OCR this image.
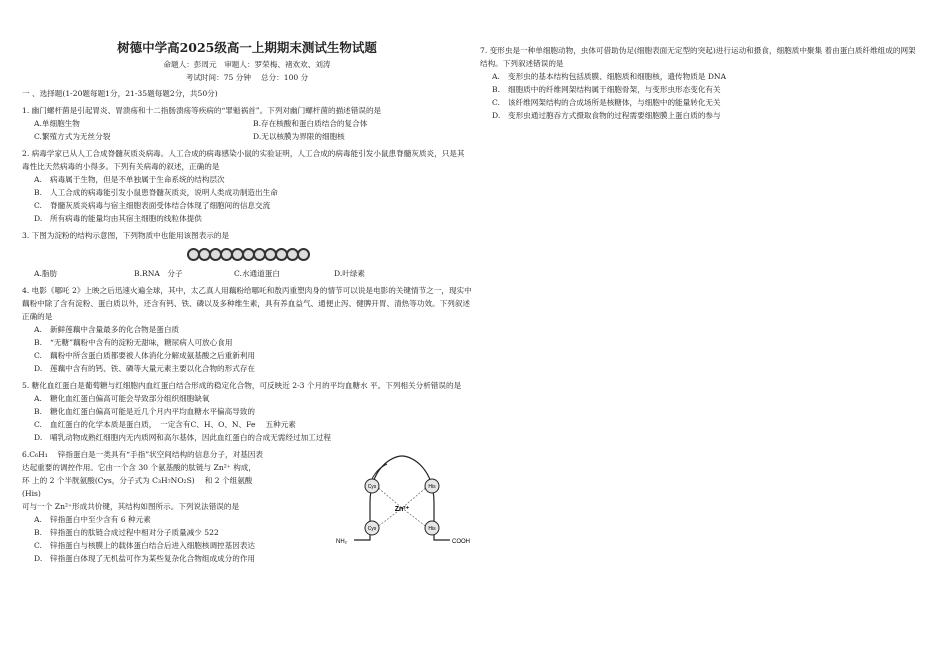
树德中学高2025级高一上期期末测试生物试题
命题人：彭周元　审题人：罗荣梅、褚欢欢、刘涛
考试时间：75 分钟　 总分：100 分
一 、选择题(1-20题每题1分，21-35题每题2分，共50分)
1. 幽门螺杆菌是引起胃炎、胃溃疡和十二指肠溃疡等疾病的“罪魁祸首”。下列对幽门螺杆菌的描述错误的是
A.单细胞生物	B.存在核酸和蛋白质结合的复合体
C.繁殖方式为无丝分裂	D.无以核膜为界限的细胞核
2. 病毒学家已从人工合成脊髓灰质炎病毒。人工合成的病毒感染小鼠的实验证明，人工合成的病毒能引发小鼠患脊髓灰质炎，只是其毒性比天然病毒的小得多。下列有关病毒的叙述，正确的是
A. 病毒属于生物，但是不单独属于生命系统的结构层次
B. 人工合成的病毒能引发小鼠患脊髓灰质炎，说明人类成功制造出生命
C. 脊髓灰质炎病毒与宿主细胞表面受体结合体现了细胞间的信息交流
D. 所有病毒的能量均由其宿主细胞的线粒体提供
3. 下图为淀粉的结构示意图，下列物质中也能用该图表示的是
A.脂肪	B.RNA　分子	C.水通道蛋白	D.叶绿素
4. 电影《哪吒 2》上映之后迅速火遍全球，其中，太乙真人用藕粉给哪吒和敖丙重塑肉身的情节可以说是电影的关键情节之一，现实中藕粉中除了含有淀粉、蛋白质以外，还含有钙、铁、磷以及多种维生素，具有养血益气、通便止泻、健脾开胃、清热等功效。下列叙述正确的是
A. 新鲜莲藕中含量最多的化合物是蛋白质
B. “无糖”藕粉中含有的淀粉无甜味，糖尿病人可放心食用
C. 藕粉中所含蛋白质都要被人体消化分解成氨基酸之后重新利用
D. 莲藕中含有的钙、铁、磷等大量元素主要以化合物的形式存在
5. 糖化血红蛋白是葡萄糖与红细胞内血红蛋白结合形成的稳定化合物，可反映近 2-3 个月的平均血糖水 平。下列相关分析错误的是
A. 糖化血红蛋白偏高可能会导致部分组织细胞缺氧
B. 糖化血红蛋白偏高可能是近几个月内平均血糖水平偏高导致的
C. 血红蛋白的化学本质是蛋白质，　一定含有C、H、O、N、Fe　 五种元素
D. 哺乳动物成熟红细胞内无内质网和高尔基体，因此血红蛋白的合成无需经过加工过程
6.C₆H₁　 锌指蛋白是一类具有“手指”状空间结构的信息分子，对基因表
达起重要的调控作用。它由一个含 30 个氨基酸的肽链与 Zn²⁺ 构成，
环 上的 2 个半胱氨酸(Cys，分子式为 C₃H₇NO₂S)　 和 2 个组氨酸
(His)
可与一个 Zn²⁺形成共价键，其结构如图所示。下列说法错误的是
A. 锌指蛋白中至少含有 6 种元素
B. 锌指蛋白的肽链合成过程中相对分子质量减少 522
C. 锌指蛋白与核膜上的载体蛋白结合后进入细胞核调控基因表达
D. 锌指蛋白体现了无机盐可作为某些复杂化合物组成成分的作用
Cys	His
Cys	His
Zn²⁺
NH₂	COOH
7. 变形虫是一种单细胞动物，虫体可借助伪足(细胞表面无定型的突起)进行运动和摄食，细胞质中聚集 着由蛋白质纤维组成的网架结构。下列叙述错误的是
A. 变形虫的基本结构包括质膜、细胞质和细胞核，遗传物质是 DNA
B. 细胞质中的纤维网架结构属于细胞骨架，与变形虫形态变化有关
C. 该纤维网架结构的合成场所是核糖体，与细胞中的能量转化无关
D. 变形虫通过胞吞方式摄取食物的过程需要细胞膜上蛋白质的参与
